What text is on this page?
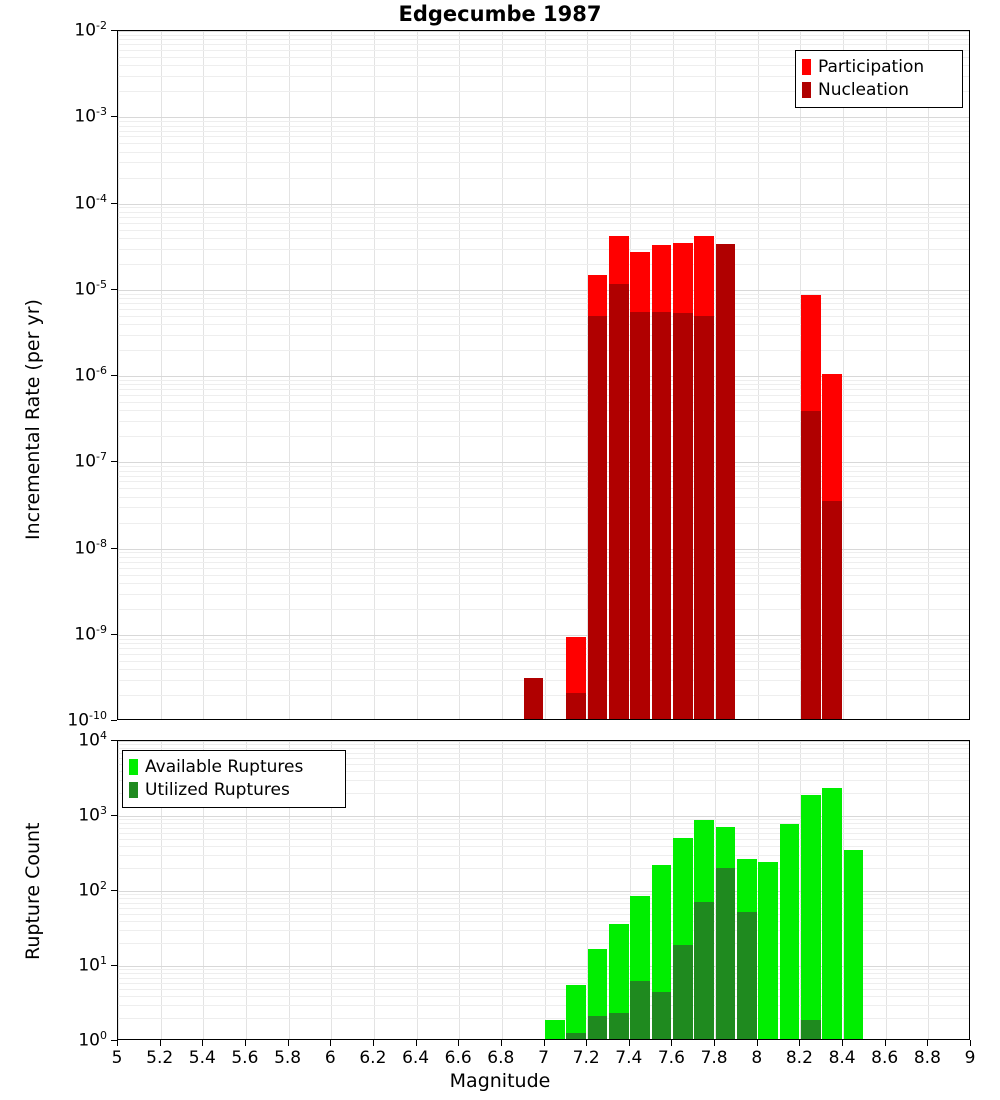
Edgecumbe 1987
$10^{-2}$
$10^{-3}$
$10^{-4}$
$10^{-5}$
$10^{-6}$
$10^{-7}$
$10^{-8}$
$10^{-9}$
$10^{-10}$
Incremental Rate (per yr)
Participation
Nucleation
$10^4$
$10^3$
$10^2$
$10^1$
$10^0$
Rupture Count
Available Ruptures
Utilized Ruptures
5	5.2 5.4 5.6 5.8	6	6.2 6.4 6.6 6.8	7	7.2 7.4 7.6 7.8	8	8.2 8.4 8.6 8.8	9
Magnitude
